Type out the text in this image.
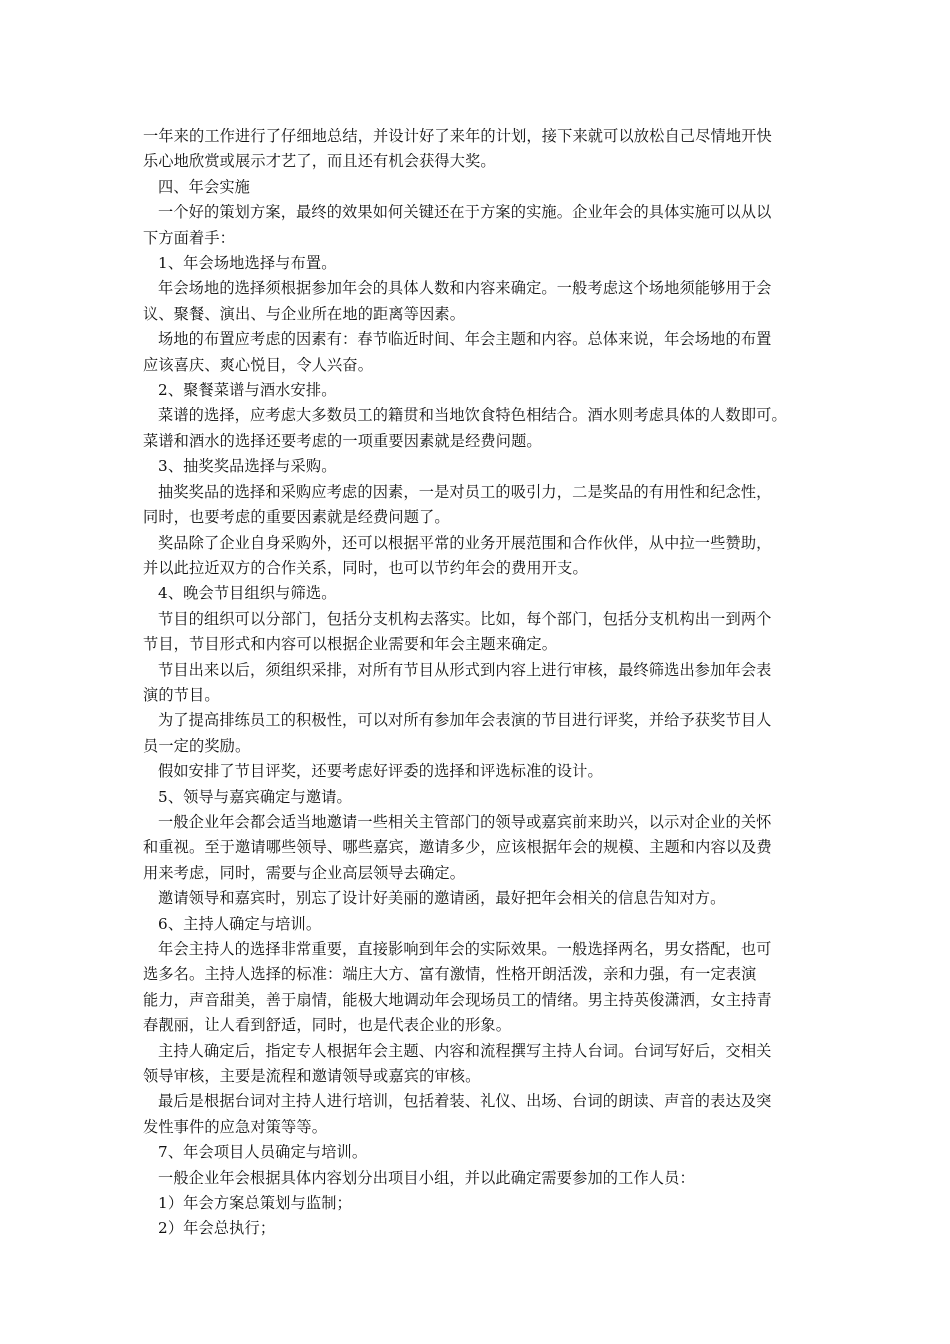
一年来的工作进行了仔细地总结，并设计好了来年的计划，接下来就可以放松自己尽情地开快
乐心地欣赏或展示才艺了，而且还有机会获得大奖。
四、年会实施
一个好的策划方案，最终的效果如何关键还在于方案的实施。企业年会的具体实施可以从以
下方面着手：
1、年会场地选择与布置。
年会场地的选择须根据参加年会的具体人数和内容来确定。一般考虑这个场地须能够用于会
议、聚餐、演出、与企业所在地的距离等因素。
场地的布置应考虑的因素有：春节临近时间、年会主题和内容。总体来说，年会场地的布置
应该喜庆、爽心悦目，令人兴奋。
2、聚餐菜谱与酒水安排。
菜谱的选择，应考虑大多数员工的籍贯和当地饮食特色相结合。酒水则考虑具体的人数即可。
菜谱和酒水的选择还要考虑的一项重要因素就是经费问题。
3、抽奖奖品选择与采购。
抽奖奖品的选择和采购应考虑的因素，一是对员工的吸引力，二是奖品的有用性和纪念性，
同时，也要考虑的重要因素就是经费问题了。
奖品除了企业自身采购外，还可以根据平常的业务开展范围和合作伙伴，从中拉一些赞助，
并以此拉近双方的合作关系，同时，也可以节约年会的费用开支。
4、晚会节目组织与筛选。
节目的组织可以分部门，包括分支机构去落实。比如，每个部门，包括分支机构出一到两个
节目，节目形式和内容可以根据企业需要和年会主题来确定。
节目出来以后，须组织采排，对所有节目从形式到内容上进行审核，最终筛选出参加年会表
演的节目。
为了提高排练员工的积极性，可以对所有参加年会表演的节目进行评奖，并给予获奖节目人
员一定的奖励。
假如安排了节目评奖，还要考虑好评委的选择和评选标准的设计。
5、领导与嘉宾确定与邀请。
一般企业年会都会适当地邀请一些相关主管部门的领导或嘉宾前来助兴，以示对企业的关怀
和重视。至于邀请哪些领导、哪些嘉宾，邀请多少，应该根据年会的规模、主题和内容以及费
用来考虑，同时，需要与企业高层领导去确定。
邀请领导和嘉宾时，别忘了设计好美丽的邀请函，最好把年会相关的信息告知对方。
6、主持人确定与培训。
年会主持人的选择非常重要，直接影响到年会的实际效果。一般选择两名，男女搭配，也可
选多名。主持人选择的标准：端庄大方、富有激情，性格开朗活泼，亲和力强，有一定表演
能力，声音甜美，善于扇情，能极大地调动年会现场员工的情绪。男主持英俊潇洒，女主持青
春靓丽，让人看到舒适，同时，也是代表企业的形象。
主持人确定后，指定专人根据年会主题、内容和流程撰写主持人台词。台词写好后，交相关
领导审核，主要是流程和邀请领导或嘉宾的审核。
最后是根据台词对主持人进行培训，包括着装、礼仪、出场、台词的朗读、声音的表达及突
发性事件的应急对策等等。
7、年会项目人员确定与培训。
一般企业年会根据具体内容划分出项目小组，并以此确定需要参加的工作人员：
1）年会方案总策划与监制；
2）年会总执行；
